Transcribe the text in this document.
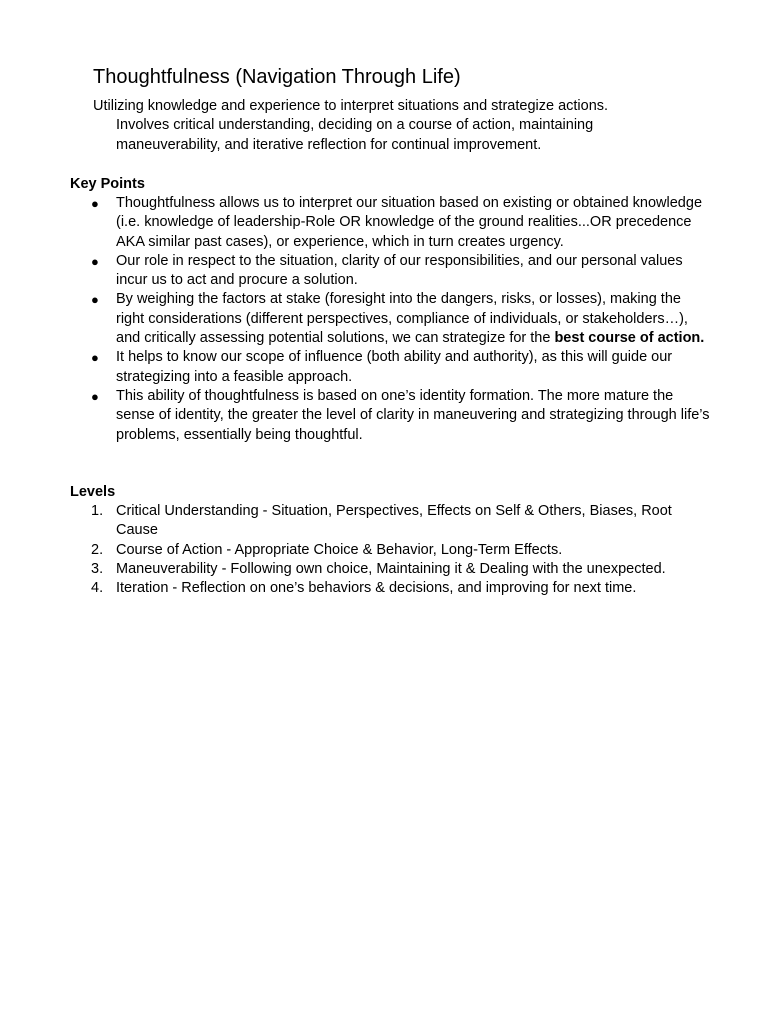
Thoughtfulness (Navigation Through Life)
Utilizing knowledge and experience to interpret situations and strategize actions.
Involves critical understanding, deciding on a course of action, maintaining maneuverability, and iterative reflection for continual improvement.
Key Points
●	Thoughtfulness allows us to interpret our situation based on existing or obtained knowledge (i.e. knowledge of leadership-Role OR knowledge of the ground realities...OR precedence AKA similar past cases), or experience, which in turn creates urgency.
●	Our role in respect to the situation, clarity of our responsibilities, and our personal values incur us to act and procure a solution.
●	By weighing the factors at stake (foresight into the dangers, risks, or losses), making the right considerations (different perspectives, compliance of individuals, or stakeholders…), and critically assessing potential solutions, we can strategize for the best course of action.
●	It helps to know our scope of influence (both ability and authority), as this will guide our strategizing into a feasible approach.
●	This ability of thoughtfulness is based on one’s identity formation. The more mature the sense of identity, the greater the level of clarity in maneuvering and strategizing through life’s problems, essentially being thoughtful.
Levels
1. Critical Understanding - Situation, Perspectives, Effects on Self & Others, Biases, Root Cause
2. Course of Action - Appropriate Choice & Behavior, Long-Term Effects.
3. Maneuverability - Following own choice, Maintaining it & Dealing with the unexpected.
4. Iteration - Reflection on one’s behaviors & decisions, and improving for next time.
